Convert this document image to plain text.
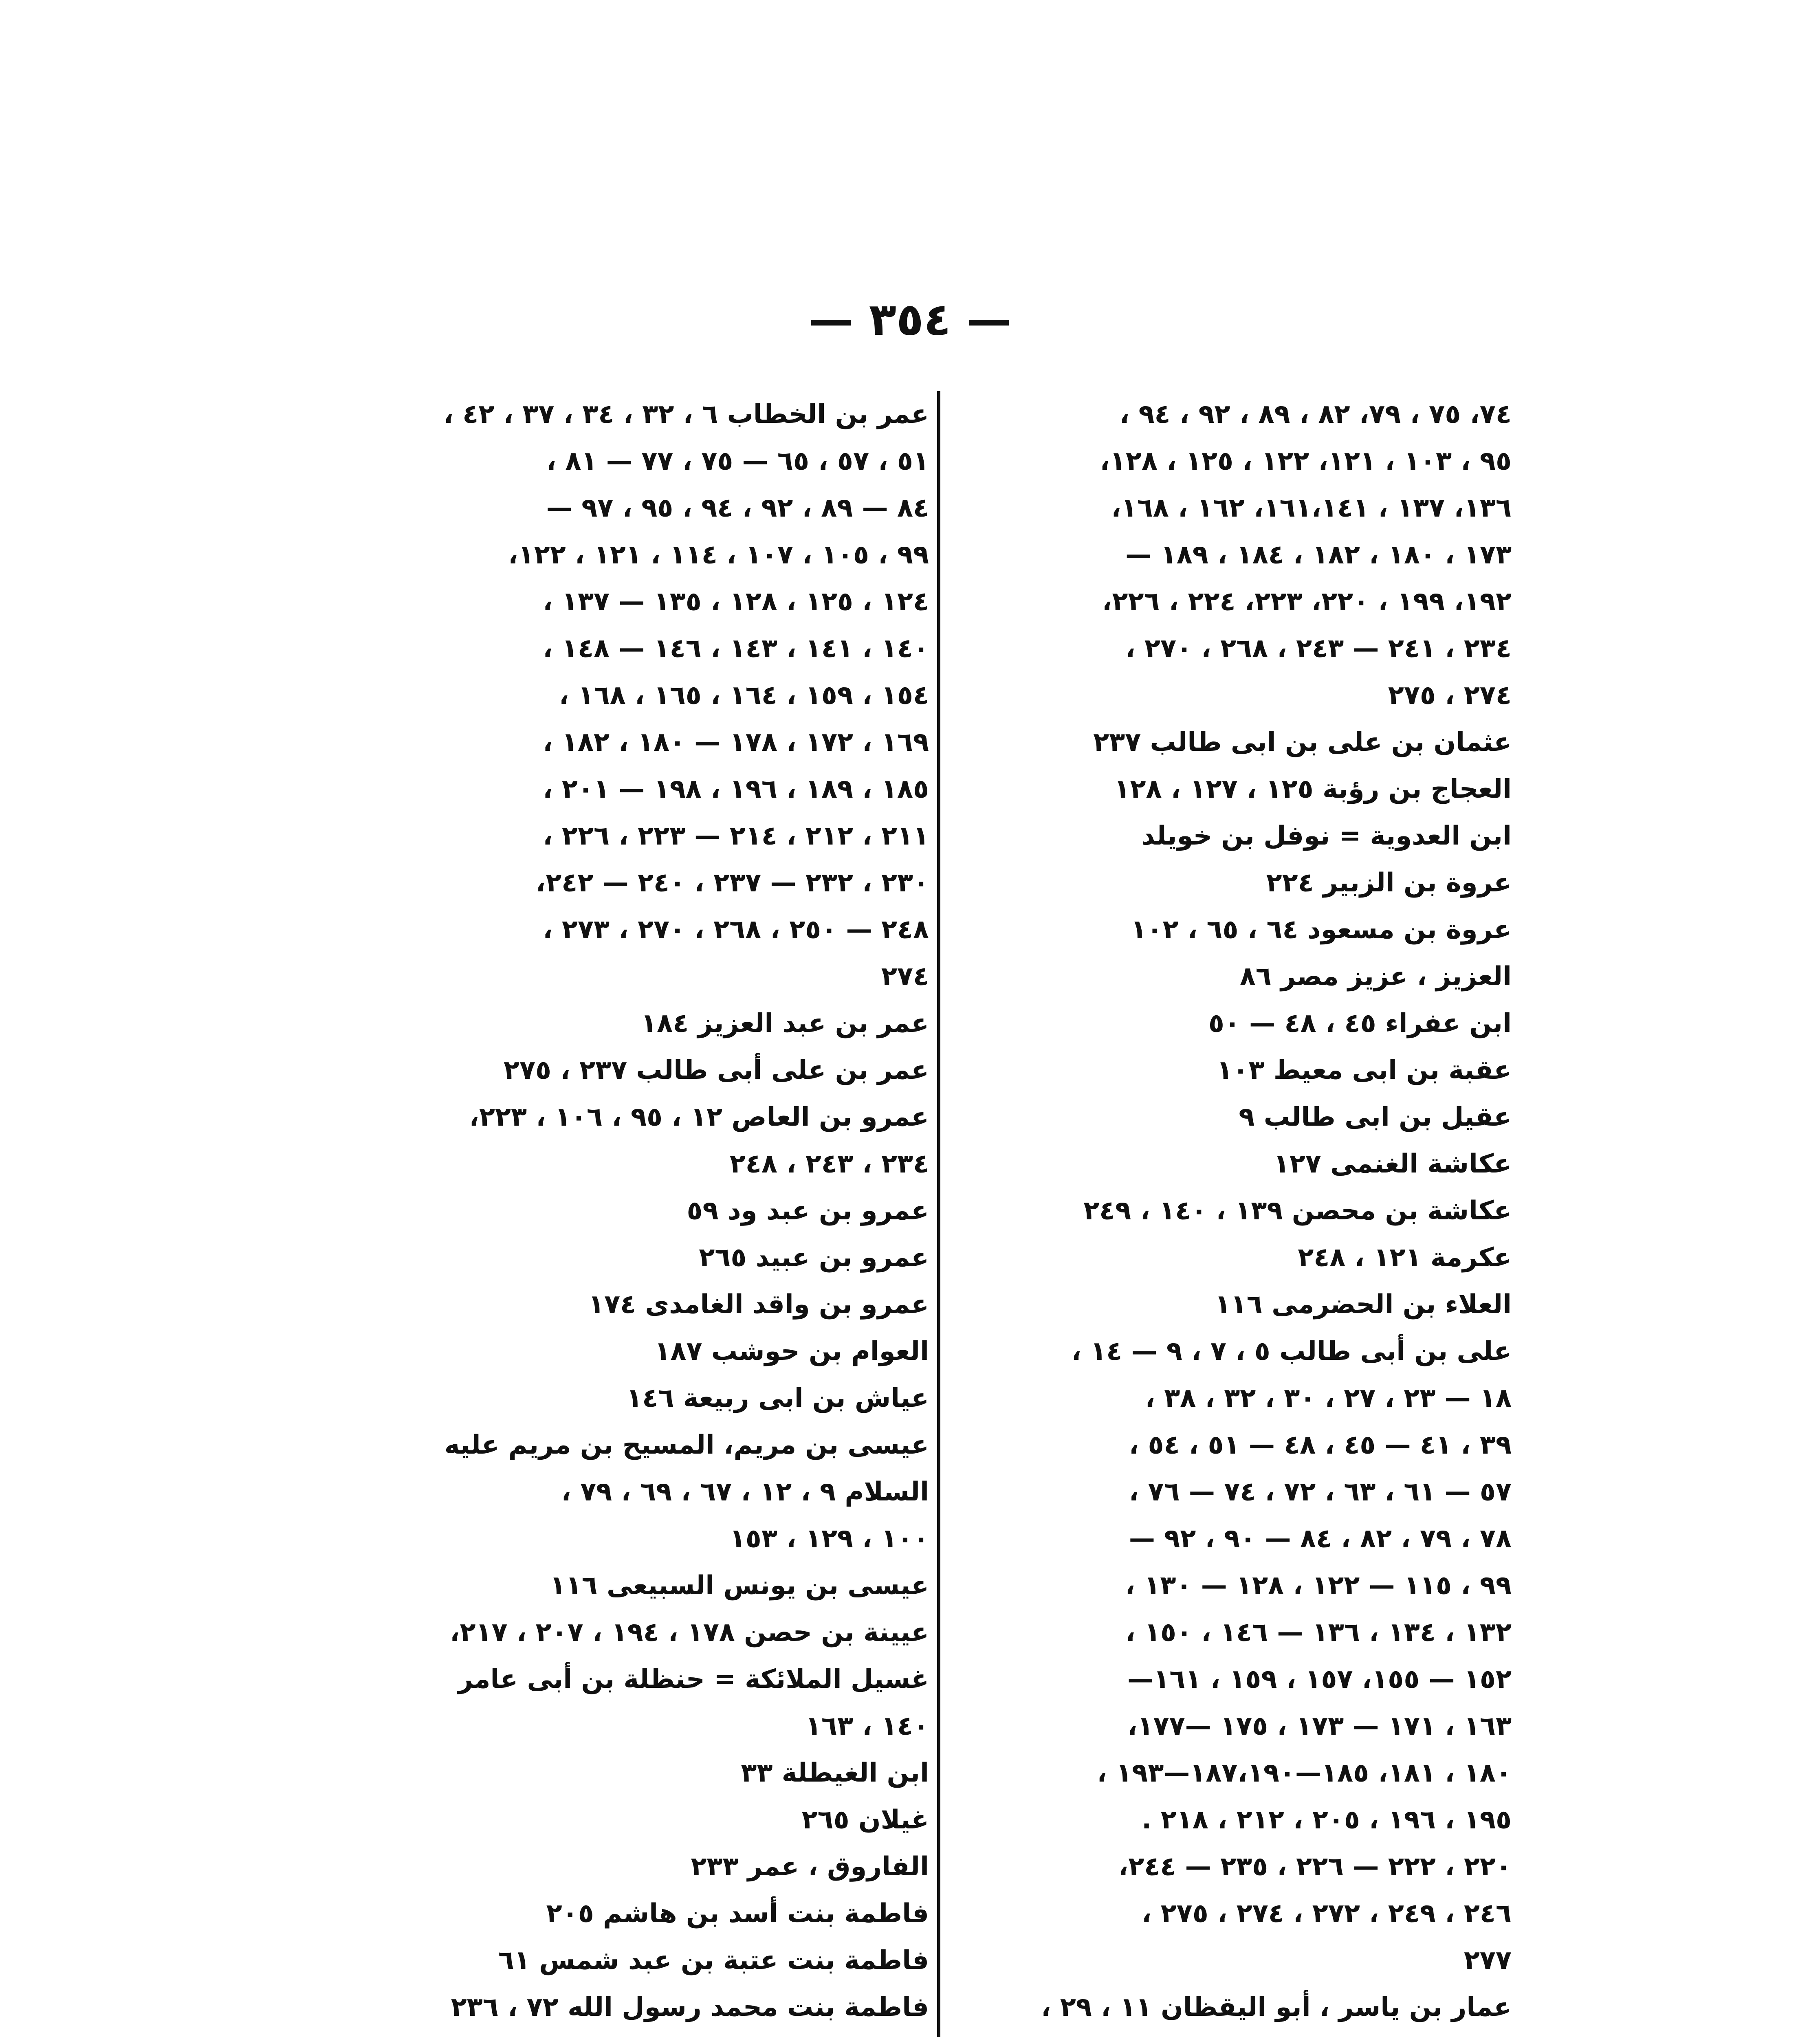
— ٣٥٤ —
٧٤، ٧٥ ، ٧٩، ٨٢ ، ٨٩ ، ٩٢ ، ٩٤ ،
٩٥ ، ١٠٣ ، ١٢١، ١٢٢ ، ١٢٥ ، ١٢٨،
١٣٦، ١٣٧ ، ١٦١،١٤١، ١٦٢ ، ١٦٨،
١٧٣ ، ١٨٠ ، ١٨٢ ، ١٨٤ ، ١٨٩ —
١٩٢، ١٩٩ ، ٢٢٠، ٢٢٣، ٢٢٤ ، ٢٢٦،
٢٣٤ ، ٢٤١ — ٢٤٣ ، ٢٦٨ ، ٢٧٠ ،
٢٧٤ ، ٢٧٥
عثمان بن على بن ابى طالب ٢٣٧
العجاج بن رؤبة ١٢٥ ، ١٢٧ ، ١٢٨
ابن العدوية = نوفل بن خويلد
عروة بن الزبير ٢٢٤
عروة بن مسعود ٦٤ ، ٦٥ ، ١٠٢
العزيز ، عزيز مصر ٨٦
ابن عفراء ٤٥ ، ٤٨ — ٥٠
عقبة بن ابى معيط ١٠٣
عقيل بن ابى طالب ٩
عكاشة الغنمى ١٢٧
عكاشة بن محصن ١٣٩ ، ١٤٠ ، ٢٤٩
عكرمة ١٢١ ، ٢٤٨
العلاء بن الحضرمى ١١٦
على بن أبى طالب ٥ ، ٧ ، ٩ — ١٤ ،
١٨ — ٢٣ ، ٢٧ ، ٣٠ ، ٣٢ ، ٣٨ ،
٣٩ ، ٤١ — ٤٥ ، ٤٨ — ٥١ ، ٥٤ ،
٥٧ — ٦١ ، ٦٣ ، ٧٢ ، ٧٤ — ٧٦ ،
٧٨ ، ٧٩ ، ٨٢ ، ٨٤ — ٩٠ ، ٩٢ —
٩٩ ، ١١٥ — ١٢٢ ، ١٢٨ — ١٣٠ ،
١٣٢ ، ١٣٤ ، ١٣٦ — ١٤٦ ، ١٥٠ ،
١٥٢ — ١٥٥، ١٥٧ ، ١٥٩ ، ١٦١—
١٦٣ ، ١٧١ — ١٧٣ ، ١٧٥ —١٧٧،
١٨٠ ، ١٨١، ١٨٥—١٨٧،١٩٠—١٩٣ ،
١٩٥ ، ١٩٦ ، ٢٠٥ ، ٢١٢ ، ٢١٨ .
٢٢٠ ، ٢٢٢ — ٢٢٦ ، ٢٣٥ — ٢٤٤،
٢٤٦ ، ٢٤٩ ، ٢٧٢ ، ٢٧٤ ، ٢٧٥ ،
٢٧٧
عمار بن ياسر ، أبو اليقظان ١١ ، ٢٩ ،
عمر بن الخطاب ٦ ، ٣٢ ، ٣٤ ، ٣٧ ، ٤٢ ،
٥١ ، ٥٧ ، ٦٥ — ٧٥ ، ٧٧ — ٨١ ،
٨٤ — ٨٩ ، ٩٢ ، ٩٤ ، ٩٥ ، ٩٧ —
٩٩ ، ١٠٥ ، ١٠٧ ، ١١٤ ، ١٢١ ، ١٢٢،
١٢٤ ، ١٢٥ ، ١٢٨ ، ١٣٥ — ١٣٧ ،
١٤٠ ، ١٤١ ، ١٤٣ ، ١٤٦ — ١٤٨ ،
١٥٤ ، ١٥٩ ، ١٦٤ ، ١٦٥ ، ١٦٨ ،
١٦٩ ، ١٧٢ ، ١٧٨ — ١٨٠ ، ١٨٢ ،
١٨٥ ، ١٨٩ ، ١٩٦ ، ١٩٨ — ٢٠١ ،
٢١١ ، ٢١٢ ، ٢١٤ — ٢٢٣ ، ٢٢٦ ،
٢٣٠ ، ٢٣٢ — ٢٣٧ ، ٢٤٠ — ٢٤٢،
٢٤٨ — ٢٥٠ ، ٢٦٨ ، ٢٧٠ ، ٢٧٣ ،
٢٧٤
عمر بن عبد العزيز ١٨٤
عمر بن على أبى طالب ٢٣٧ ، ٢٧٥
عمرو بن العاص ١٢ ، ٩٥ ، ١٠٦ ، ٢٢٣،
٢٣٤ ، ٢٤٣ ، ٢٤٨
عمرو بن عبد ود ٥٩
عمرو بن عبيد ٢٦٥
عمرو بن واقد الغامدى ١٧٤
العوام بن حوشب ١٨٧
عياش بن ابى ربيعة ١٤٦
عيسى بن مريم، المسيح بن مريم عليه
السلام ٩ ، ١٢ ، ٦٧ ، ٦٩ ، ٧٩ ،
١٠٠ ، ١٢٩ ، ١٥٣
عيسى بن يونس السبيعى ١١٦
عيينة بن حصن ١٧٨ ، ١٩٤ ، ٢٠٧ ، ٢١٧،
غسيل الملائكة = حنظلة بن أبى عامر
١٤٠ ، ١٦٣
ابن الغيطلة ٣٣
غيلان ٢٦٥
الفاروق ، عمر ٢٣٣
فاطمة بنت أسد بن هاشم ٢٠٥
فاطمة بنت عتبة بن عبد شمس ٦١
فاطمة بنت محمد رسول الله ٧٢ ، ٢٣٦
